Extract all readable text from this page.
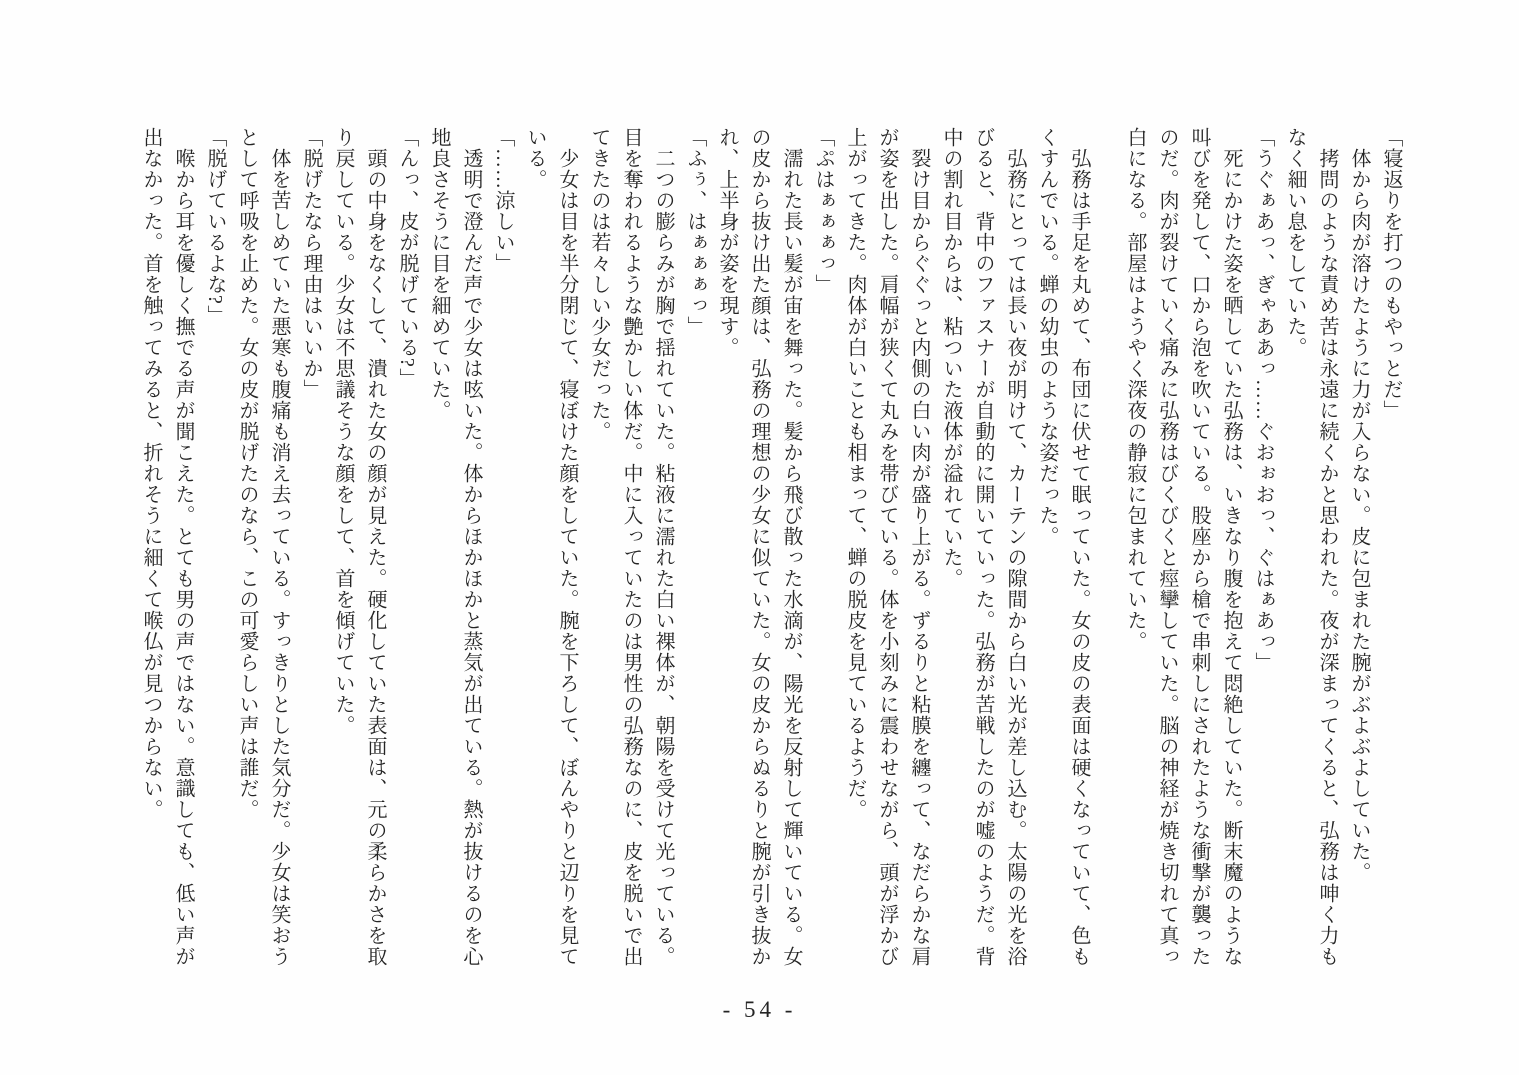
「寝返りを打つのもやっとだ」
体から肉が溶けたように力が入らない。皮に包まれた腕がぶよぶよしていた。
拷問のような責め苦は永遠に続くかと思われた。夜が深まってくると、弘務は呻く力も
なく細い息をしていた。
「うぐぁあっ、ぎゃああっ……ぐおぉおっ、ぐはぁあっ」
死にかけた姿を晒していた弘務は、いきなり腹を抱えて悶絶していた。断末魔のような
叫びを発して、口から泡を吹いている。股座から槍で串刺しにされたような衝撃が襲った
のだ。肉が裂けていく痛みに弘務はびくびくと痙攣していた。脳の神経が焼き切れて真っ
白になる。部屋はようやく深夜の静寂に包まれていた。
弘務は手足を丸めて、布団に伏せて眠っていた。女の皮の表面は硬くなっていて、色も
くすんでいる。蝉の幼虫のような姿だった。
弘務にとっては長い夜が明けて、カーテンの隙間から白い光が差し込む。太陽の光を浴
びると、背中のファスナーが自動的に開いていった。弘務が苦戦したのが嘘のようだ。背
中の割れ目からは、粘ついた液体が溢れていた。
裂け目からぐぐっと内側の白い肉が盛り上がる。ずるりと粘膜を纏って、なだらかな肩
が姿を出した。肩幅が狭くて丸みを帯びている。体を小刻みに震わせながら、頭が浮かび
上がってきた。肉体が白いことも相まって、蝉の脱皮を見ているようだ。
「ぷはぁぁぁっ」
濡れた長い髪が宙を舞った。髪から飛び散った水滴が、陽光を反射して輝いている。女
の皮から抜け出た顔は、弘務の理想の少女に似ていた。女の皮からぬるりと腕が引き抜か
れ、上半身が姿を現す。
「ふぅ、はぁぁぁっ」
二つの膨らみが胸で揺れていた。粘液に濡れた白い裸体が、朝陽を受けて光っている。
目を奪われるような艶かしい体だ。中に入っていたのは男性の弘務なのに、皮を脱いで出
てきたのは若々しい少女だった。
少女は目を半分閉じて、寝ぼけた顔をしていた。腕を下ろして、ぼんやりと辺りを見て
いる。
「……涼しい」
透明で澄んだ声で少女は呟いた。体からほかほかと蒸気が出ている。熱が抜けるのを心
地良さそうに目を細めていた。
「んっ、皮が脱げている?」
頭の中身をなくして、潰れた女の顔が見えた。硬化していた表面は、元の柔らかさを取
り戻している。少女は不思議そうな顔をして、首を傾げていた。
「脱げたなら理由はいいか」
体を苦しめていた悪寒も腹痛も消え去っている。すっきりとした気分だ。少女は笑おう
として呼吸を止めた。女の皮が脱げたのなら、この可愛らしい声は誰だ。
「脱げているよな?」
喉から耳を優しく撫でる声が聞こえた。とても男の声ではない。意識しても、低い声が
出なかった。首を触ってみると、折れそうに細くて喉仏が見つからない。
- 54 -
